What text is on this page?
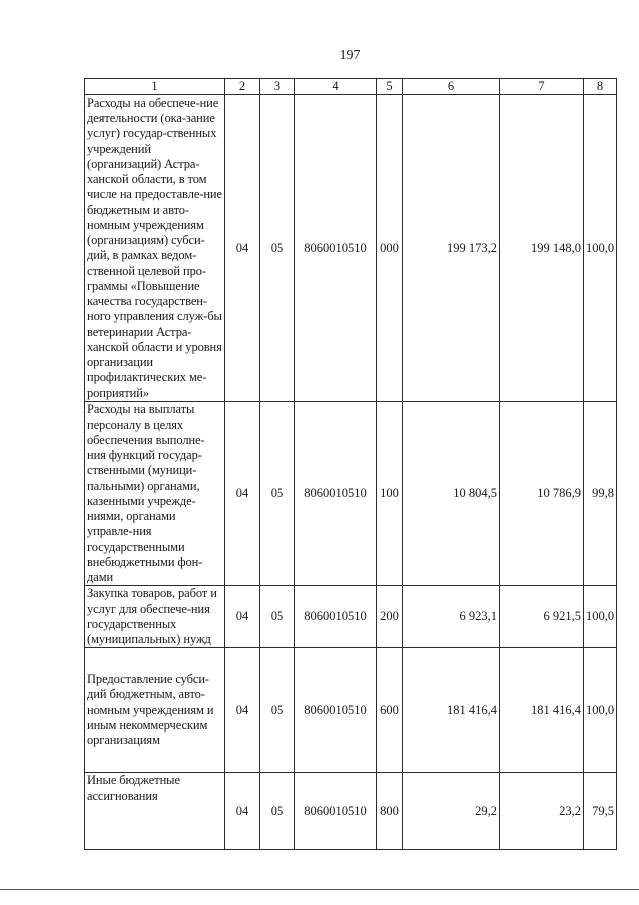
197
1	2	3	4	5	6	7	8
Расходы на обеспече-ние деятельности (ока-зание услуг) государ-ственных учреждений (организаций) Астра-ханской области, в том числе на предоставле-ние бюджетным и авто-номным учреждениям (организациям) субси-дий, в рамках ведом-ственной целевой про-граммы «Повышение качества государствен-ного управления служ-бы ветеринарии Астра-ханской области и уровня организации профилактических ме-роприятий»	04	05	8060010510	000	199 173,2	199 148,0	100,0
Расходы на выплаты персоналу в целях обеспечения выполне-ния функций государ-ственными (муници-пальными) органами, казенными учрежде-ниями, органами управле-ния государственными внебюджетными фон-дами	04	05	8060010510	100	10 804,5	10 786,9	99,8
Закупка товаров, работ и услуг для обеспече-ния государственных (муниципальных) нужд	04	05	8060010510	200	6 923,1	6 921,5	100,0
Предоставление субси-дий бюджетным, авто-номным учреждениям и иным некоммерческим организациям	04	05	8060010510	600	181 416,4	181 416,4	100,0
Иные бюджетные ассигнования	04	05	8060010510	800	29,2	23,2	79,5
